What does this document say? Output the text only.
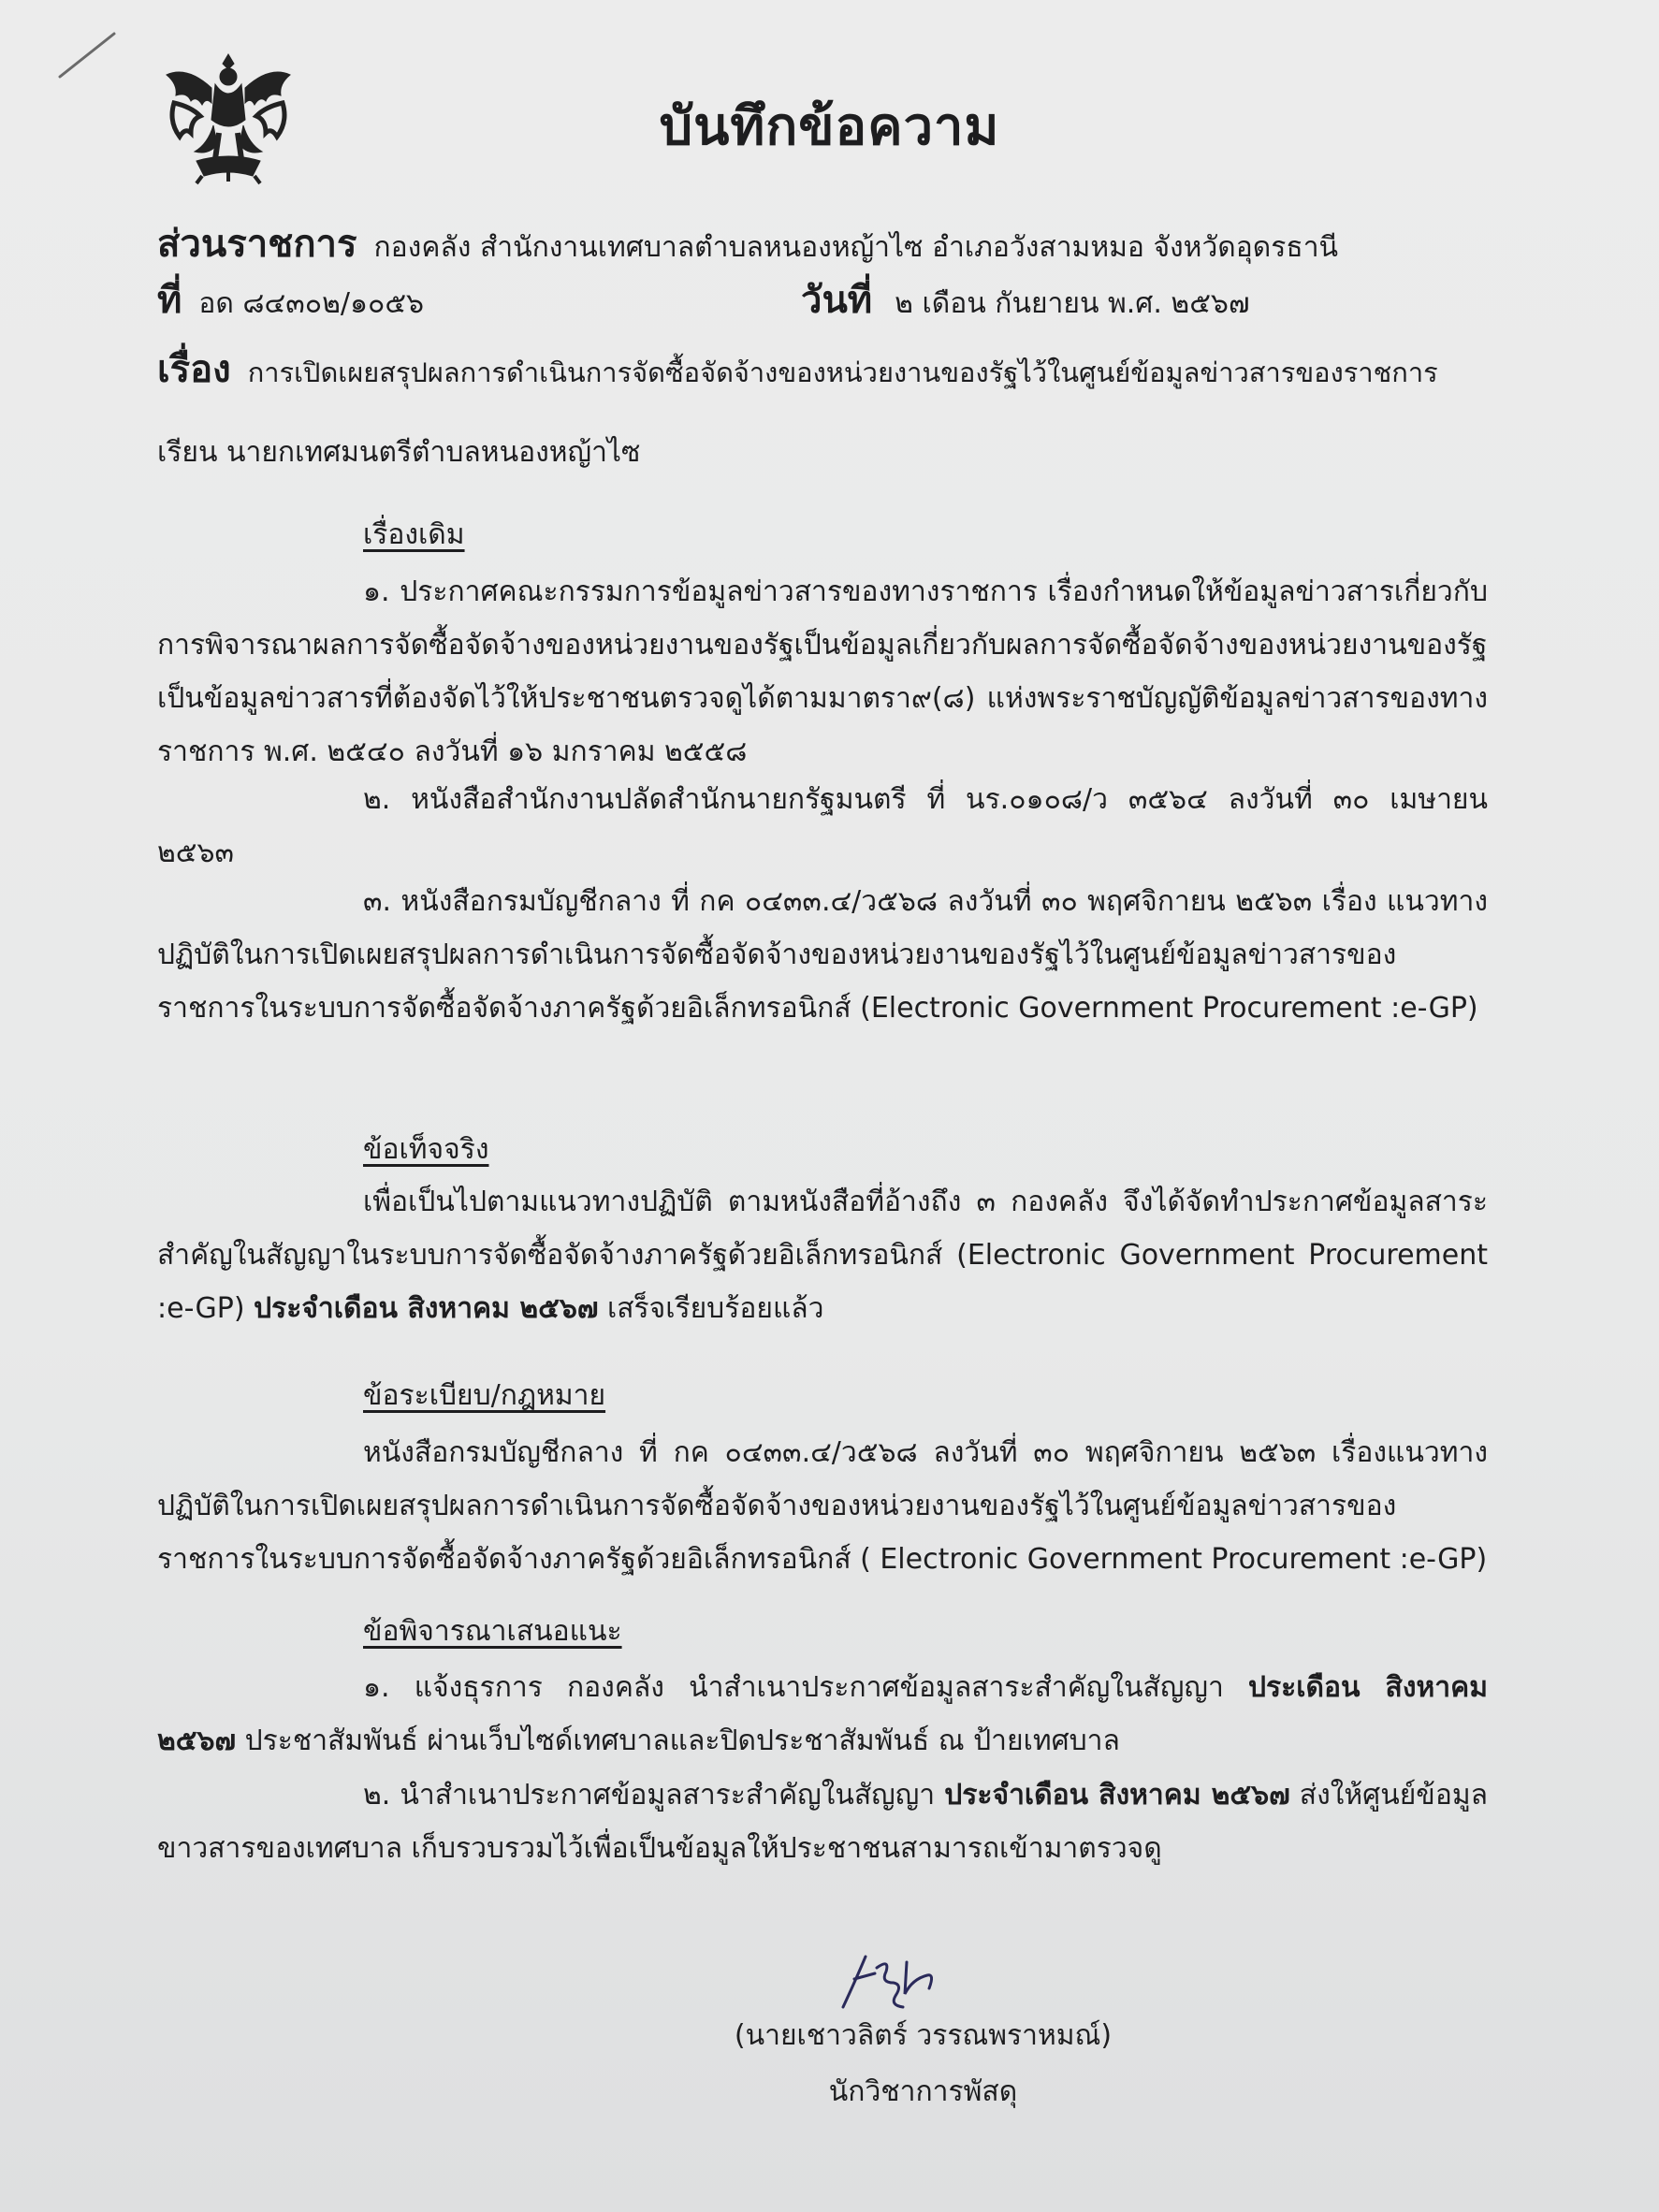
บันทึกข้อความ
ส่วนราชการ กองคลัง สำนักงานเทศบาลตำบลหนองหญ้าไซ อำเภอวังสามหมอ จังหวัดอุดรธานี
ที่ อด ๘๔๓๐๒/๑๐๕๖	วันที่ ๒ เดือน กันยายน พ.ศ. ๒๕๖๗
เรื่อง การเปิดเผยสรุปผลการดำเนินการจัดซื้อจัดจ้างของหน่วยงานของรัฐไว้ในศูนย์ข้อมูลข่าวสารของราชการ
เรียน นายกเทศมนตรีตำบลหนองหญ้าไซ
เรื่องเดิม
๑. ประกาศคณะกรรมการข้อมูลข่าวสารของทางราชการ เรื่องกำหนดให้ข้อมูลข่าวสารเกี่ยวกับการพิจารณาผลการจัดซื้อจัดจ้างของหน่วยงานของรัฐเป็นข้อมูลเกี่ยวกับผลการจัดซื้อจัดจ้างของหน่วยงานของรัฐเป็นข้อมูลข่าวสารที่ต้องจัดไว้ให้ประชาชนตรวจดูได้ตามมาตรา๙(๘) แห่งพระราชบัญญัติข้อมูลข่าวสารของทางราชการ พ.ศ. ๒๕๔๐ ลงวันที่ ๑๖ มกราคม ๒๕๕๘
๒. หนังสือสำนักงานปลัดสำนักนายกรัฐมนตรี ที่ นร.๐๑๐๘/ว ๓๕๖๔ ลงวันที่ ๓๐ เมษายน ๒๕๖๓
๓. หนังสือกรมบัญชีกลาง ที่ กค ๐๔๓๓.๔/ว๕๖๘ ลงวันที่ ๓๐ พฤศจิกายน ๒๕๖๓ เรื่อง แนวทางปฏิบัติในการเปิดเผยสรุปผลการดำเนินการจัดซื้อจัดจ้างของหน่วยงานของรัฐไว้ในศูนย์ข้อมูลข่าวสารของราชการในระบบการจัดซื้อจัดจ้างภาครัฐด้วยอิเล็กทรอนิกส์ (Electronic Government Procurement :e-GP)
ข้อเท็จจริง
เพื่อเป็นไปตามแนวทางปฏิบัติ ตามหนังสือที่อ้างถึง ๓ กองคลัง จึงได้จัดทำประกาศข้อมูลสาระสำคัญในสัญญาในระบบการจัดซื้อจัดจ้างภาครัฐด้วยอิเล็กทรอนิกส์ (Electronic Government Procurement :e-GP) ประจำเดือน สิงหาคม ๒๕๖๗ เสร็จเรียบร้อยแล้ว
ข้อระเบียบ/กฎหมาย
หนังสือกรมบัญชีกลาง ที่ กค ๐๔๓๓.๔/ว๕๖๘ ลงวันที่ ๓๐ พฤศจิกายน ๒๕๖๓ เรื่องแนวทางปฏิบัติในการเปิดเผยสรุปผลการดำเนินการจัดซื้อจัดจ้างของหน่วยงานของรัฐไว้ในศูนย์ข้อมูลข่าวสารของราชการในระบบการจัดซื้อจัดจ้างภาครัฐด้วยอิเล็กทรอนิกส์ ( Electronic Government Procurement :e-GP)
ข้อพิจารณาเสนอแนะ
๑. แจ้งธุรการ กองคลัง นำสำเนาประกาศข้อมูลสาระสำคัญในสัญญา ประเดือน สิงหาคม ๒๕๖๗ ประชาสัมพันธ์ ผ่านเว็บไซด์เทศบาลและปิดประชาสัมพันธ์ ณ ป้ายเทศบาล
๒. นำสำเนาประกาศข้อมูลสาระสำคัญในสัญญา ประจำเดือน สิงหาคม ๒๕๖๗ ส่งให้ศูนย์ข้อมูลขาวสารของเทศบาล เก็บรวบรวมไว้เพื่อเป็นข้อมูลให้ประชาชนสามารถเข้ามาตรวจดู
(นายเชาวลิตร์ วรรณพราหมณ์)
นักวิชาการพัสดุ
